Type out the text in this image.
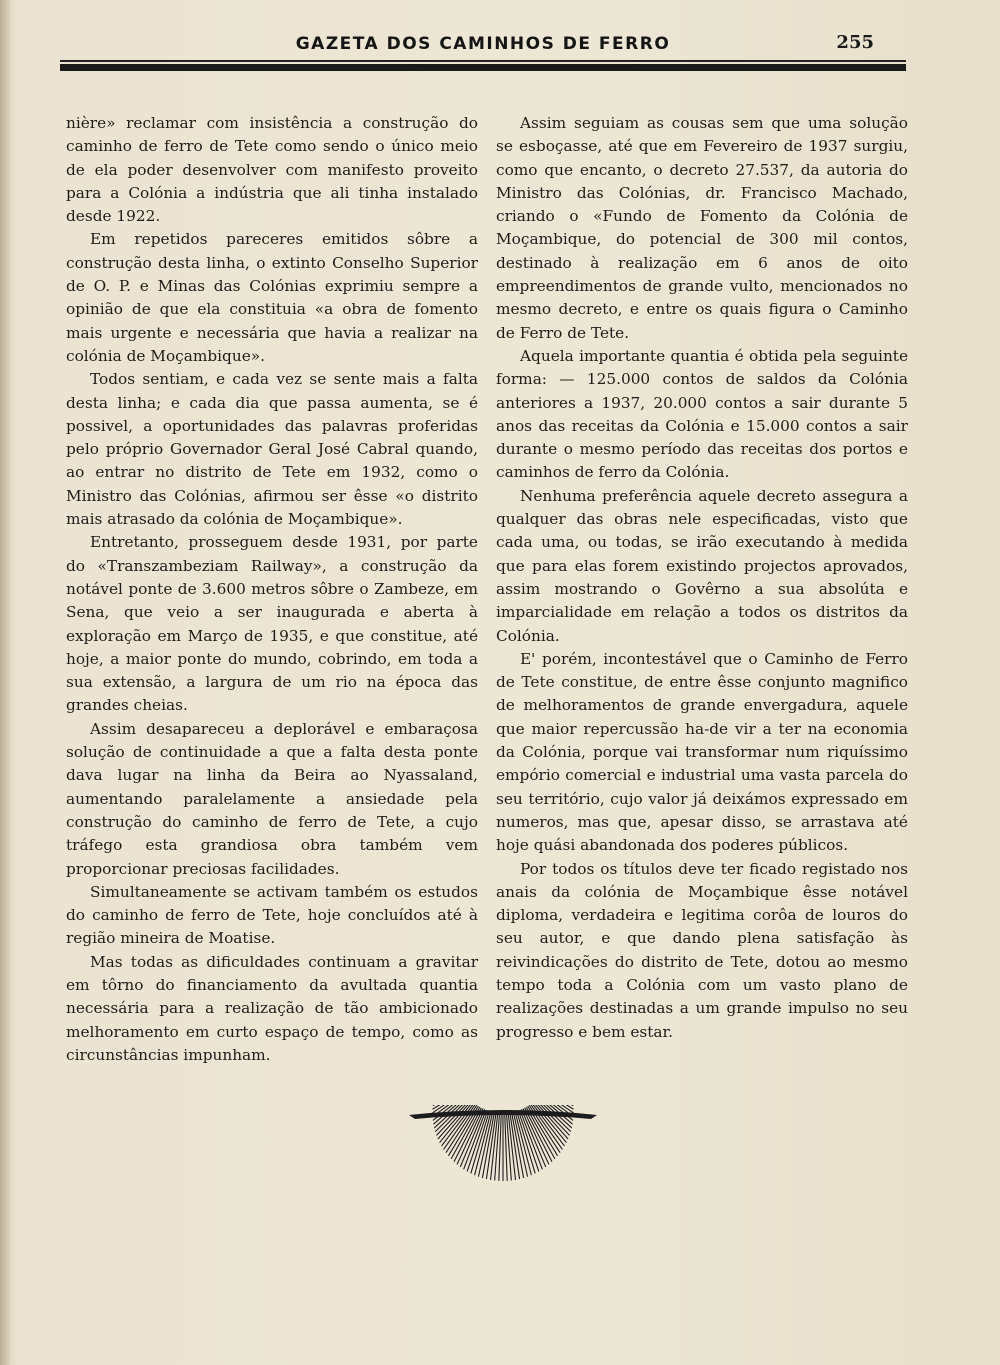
GAZETA DOS CAMINHOS DE FERRO	255

nière» reclamar com insistência a construção do caminho de ferro de Tete como sendo o único meio de ela poder desenvolver com manifesto proveito para a Colónia a indústria que ali tinha instalado desde 1922.

Em repetidos pareceres emitidos sôbre a construção desta linha, o extinto Conselho Superior de O. P. e Minas das Colónias exprimiu sempre a opinião de que ela constituia «a obra de fomento mais urgente e necessária que havia a realizar na colónia de Moçambique».

Todos sentiam, e cada vez se sente mais a falta desta linha; e cada dia que passa aumenta, se é possivel, a oportunidades das palavras proferidas pelo próprio Governador Geral José Cabral quando, ao entrar no distrito de Tete em 1932, como o Ministro das Colónias, afirmou ser êsse «o distrito mais atrasado da colónia de Moçambique».

Entretanto, prosseguem desde 1931, por parte do «Transzambeziam Railway», a construção da notável ponte de 3.600 metros sôbre o Zambeze, em Sena, que veio a ser inaugurada e aberta à exploração em Março de 1935, e que constitue, até hoje, a maior ponte do mundo, cobrindo, em toda a sua extensão, a largura de um rio na época das grandes cheias.

Assim desapareceu a deplorável e embaraçosa solução de continuidade a que a falta desta ponte dava lugar na linha da Beira ao Nyassaland, aumentando paralelamente a ansiedade pela construção do caminho de ferro de Tete, a cujo tráfego esta grandiosa obra também vem proporcionar preciosas facilidades.

Simultaneamente se activam também os estudos do caminho de ferro de Tete, hoje concluídos até à região mineira de Moatise.

Mas todas as dificuldades continuam a gravitar em tôrno do financiamento da avultada quantia necessária para a realização de tão ambicionado melhoramento em curto espaço de tempo, como as circunstâncias impunham.

Assim seguiam as cousas sem que uma solução se esboçasse, até que em Fevereiro de 1937 surgiu, como que encanto, o decreto 27.537, da autoria do Ministro das Colónias, dr. Francisco Machado, criando o «Fundo de Fomento da Colónia de Moçambique, do potencial de 300 mil contos, destinado à realização em 6 anos de oito empreendimentos de grande vulto, mencionados no mesmo decreto, e entre os quais figura o Caminho de Ferro de Tete.

Aquela importante quantia é obtida pela seguinte forma: — 125.000 contos de saldos da Colónia anteriores a 1937, 20.000 contos a sair durante 5 anos das receitas da Colónia e 15.000 contos a sair durante o mesmo período das receitas dos portos e caminhos de ferro da Colónia.

Nenhuma preferência aquele decreto assegura a qualquer das obras nele especificadas, visto que cada uma, ou todas, se irão executando à medida que para elas forem existindo projectos aprovados, assim mostrando o Govêrno a sua absolúta e imparcialidade em relação a todos os distritos da Colónia.

E' porém, incontestável que o Caminho de Ferro de Tete constitue, de entre êsse conjunto magnifico de melhoramentos de grande envergadura, aquele que maior repercussão ha-de vir a ter na economia da Colónia, porque vai transformar num riquíssimo empório comercial e industrial uma vasta parcela do seu território, cujo valor já deixámos expressado em numeros, mas que, apesar disso, se arrastava até hoje quási abandonada dos poderes públicos.

Por todos os títulos deve ter ficado registado nos anais da colónia de Moçambique êsse notável diploma, verdadeira e legitima corôa de louros do seu autor, e que dando plena satisfação às reivindicações do distrito de Tete, dotou ao mesmo tempo toda a Colónia com um vasto plano de realizações destinadas a um grande impulso no seu progresso e bem estar.
